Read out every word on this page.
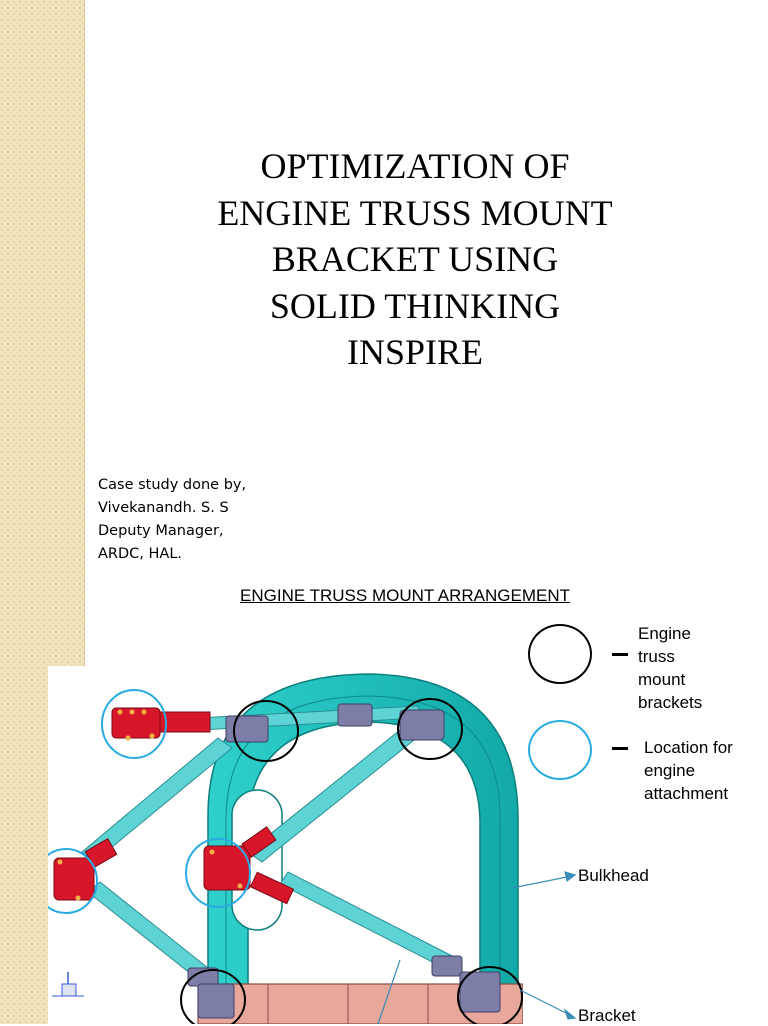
OPTIMIZATION OF
ENGINE TRUSS MOUNT
BRACKET USING
SOLID THINKING
INSPIRE
Case study done by,
Vivekanandh. S. S
Deputy Manager,
ARDC, HAL.
ENGINE TRUSS MOUNT ARRANGEMENT
Engine
truss
mount
brackets
Location for
engine
attachment
Bulkhead
Bracket
